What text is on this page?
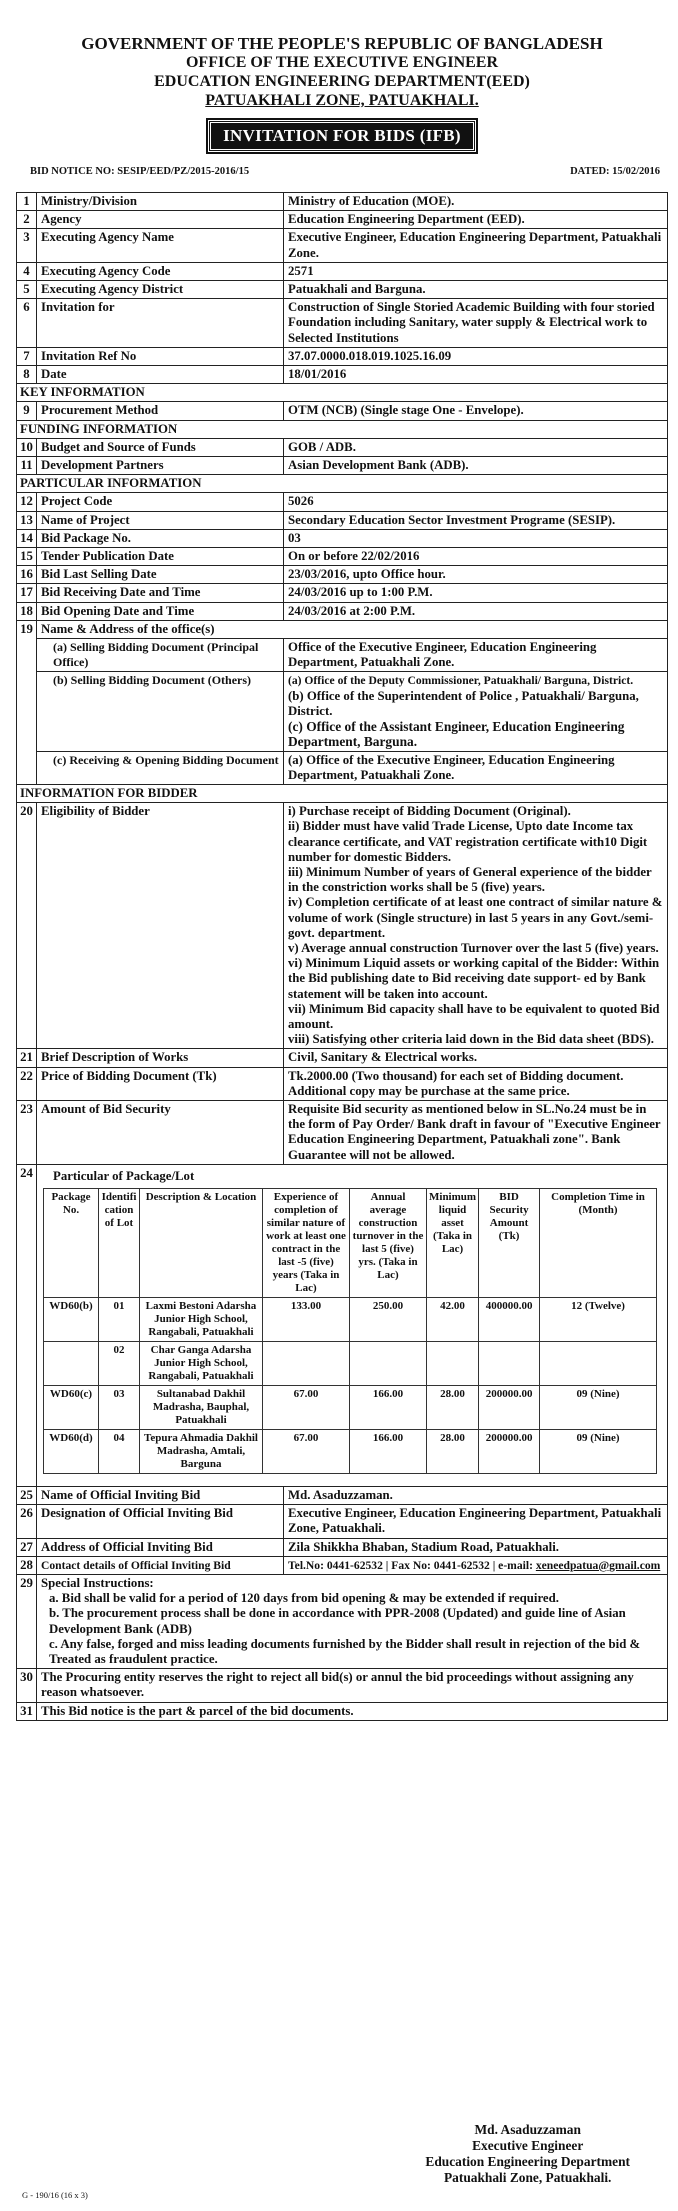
GOVERNMENT OF THE PEOPLE'S REPUBLIC OF BANGLADESH
OFFICE OF THE EXECUTIVE ENGINEER
EDUCATION ENGINEERING DEPARTMENT(EED)
PATUAKHALI ZONE, PATUAKHALI.
INVITATION FOR BIDS (IFB)
BID NOTICE NO: SESIP/EED/PZ/2015-2016/15	DATED: 15/02/2016
1	Ministry/Division	Ministry of Education (MOE).
2	Agency	Education Engineering Department (EED).
3	Executing Agency Name	Executive Engineer, Education Engineering Department, Patuakhali Zone.
4	Executing Agency Code	2571
5	Executing Agency District	Patuakhali and Barguna.
6	Invitation for	Construction of Single Storied Academic Building with four storied Foundation including Sanitary, water supply & Electrical work to Selected Institutions
7	Invitation Ref No	37.07.0000.018.019.1025.16.09
8	Date	18/01/2016
KEY INFORMATION
9	Procurement Method	OTM (NCB) (Single stage One - Envelope).
FUNDING INFORMATION
10	Budget and Source of Funds	GOB / ADB.
11	Development Partners	Asian Development Bank (ADB).
PARTICULAR INFORMATION
12	Project Code	5026
13	Name of Project	Secondary Education Sector Investment Programe (SESIP).
14	Bid Package No.	03
15	Tender Publication Date	On or before 22/02/2016
16	Bid Last Selling Date	23/03/2016, upto Office hour.
17	Bid Receiving Date and Time	24/03/2016 up to 1:00 P.M.
18	Bid Opening Date and Time	24/03/2016 at 2:00 P.M.
19	Name & Address of the office(s)
(a) Selling Bidding Document (Principal Office)	Office of the Executive Engineer, Education Engineering Department, Patuakhali Zone.
(b) Selling Bidding Document (Others)	(a) Office of the Deputy Commissioner, Patuakhali/ Barguna, District.
(b) Office of the Superintendent of Police , Patuakhali/ Barguna, District.
(c) Office of the Assistant Engineer, Education Engineering Department, Barguna.

(c) Receiving & Opening Bidding Document	(a) Office of the Executive Engineer, Education Engineering Department, Patuakhali Zone.
INFORMATION FOR BIDDER
20	Eligibility of Bidder	i) Purchase receipt of Bidding Document (Original).
ii) Bidder must have valid Trade License, Upto date Income tax clearance certificate, and VAT registration certificate with10 Digit number for domestic Bidders.
iii) Minimum Number of years of General experience of the bidder in the constriction works shall be 5 (five) years.
iv) Completion certificate of at least one contract of similar nature & volume of work (Single structure) in last 5 years in any Govt./semi-govt. department.
v) Average annual construction Turnover over the last 5 (five) years.
vi) Minimum Liquid assets or working capital of the Bidder: Within the Bid publishing date to Bid receiving date support- ed by Bank statement will be taken into account.
vii) Minimum Bid capacity shall have to be equivalent to quoted Bid amount.
viii) Satisfying other criteria laid down in the Bid data sheet (BDS).

21	Brief Description of Works	Civil, Sanitary & Electrical works.
22	Price of Bidding Document (Tk)	Tk.2000.00 (Two thousand) for each set of Bidding document. Additional copy may be purchase at the same price.
23	Amount of Bid Security	Requisite Bid security as mentioned below in SL.No.24 must be in the form of Pay Order/ Bank draft in favour of "Executive Engineer Education Engineering Department, Patuakhali zone". Bank Guarantee will not be allowed.
24	Particular of Package/Lot
Package No.	Identifi cation of Lot	Description & Location	Experience of completion of similar nature of work at least one contract in the last -5 (five) years (Taka in Lac)	Annual average construction turnover in the last 5 (five) yrs. (Taka in Lac)	Minimum liquid asset (Taka in Lac)	BID Security Amount (Tk)	Completion Time in (Month)
WD60(b)	01	Laxmi Bestoni Adarsha Junior High School, Rangabali, Patuakhali	133.00	250.00	42.00	400000.00	12 (Twelve)
	02	Char Ganga Adarsha Junior High School, Rangabali, Patuakhali					
WD60(c)	03	Sultanabad Dakhil Madrasha, Bauphal, Patuakhali	67.00	166.00	28.00	200000.00	09 (Nine)
WD60(d)	04	Tepura Ahmadia Dakhil Madrasha, Amtali, Barguna	67.00	166.00	28.00	200000.00	09 (Nine)

25	Name of Official Inviting Bid	Md. Asaduzzaman.
26	Designation of Official Inviting Bid	Executive Engineer, Education Engineering Department, Patuakhali Zone, Patuakhali.
27	Address of Official Inviting Bid	Zila Shikkha Bhaban, Stadium Road, Patuakhali.
28	Contact details of Official Inviting Bid	Tel.No: 0441-62532 | Fax No: 0441-62532 | e-mail: xeneedpatua@gmail.com
29	Special Instructions:
a. Bid shall be valid for a period of 120 days from bid opening & may be extended if required.
b. The procurement process shall be done in accordance with PPR-2008 (Updated) and guide line of Asian Development Bank (ADB)
c. Any false, forged and miss leading documents furnished by the Bidder shall result in rejection of the bid & Treated as fraudulent practice.

30	The Procuring entity reserves the right to reject all bid(s) or annul the bid proceedings without assigning any reason whatsoever.
31	This Bid notice is the part & parcel of the bid documents.
Md. Asaduzzaman
Executive Engineer
Education Engineering Department
Patuakhali Zone, Patuakhali.
G - 190/16 (16 x 3)
